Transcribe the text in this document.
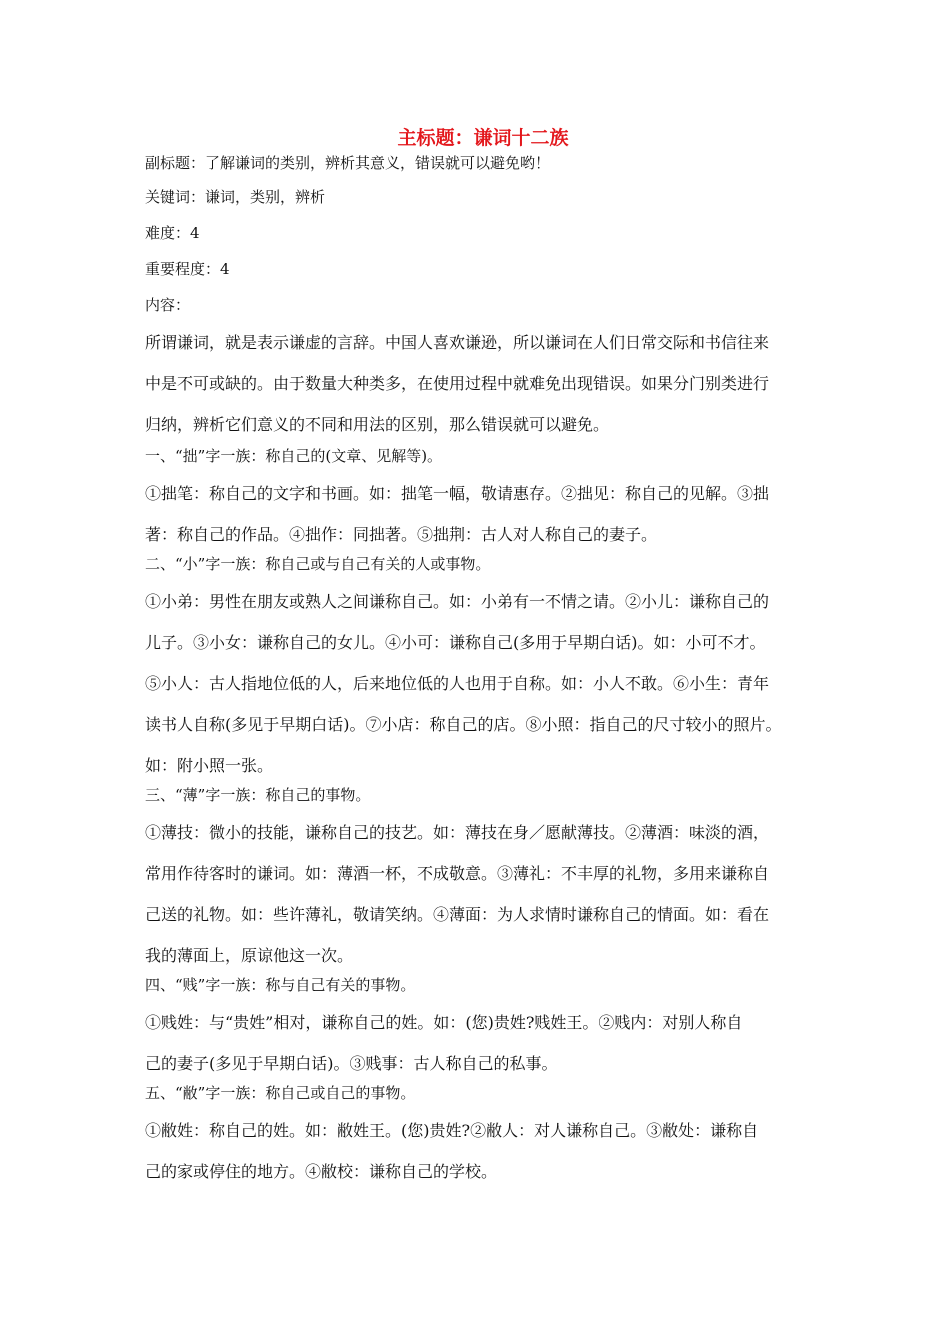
主标题：谦词十二族
副标题：了解谦词的类别，辨析其意义，错误就可以避免哟！
关键词：谦词，类别，辨析
难度：4
重要程度：4
内容：
所谓谦词，就是表示谦虚的言辞。中国人喜欢谦逊，所以谦词在人们日常交际和书信往来
中是不可或缺的。由于数量大种类多，在使用过程中就难免出现错误。如果分门别类进行
归纳，辨析它们意义的不同和用法的区别，那么错误就可以避免。
一、“拙”字一族：称自己的(文章、见解等)。
①拙笔：称自己的文字和书画。如：拙笔一幅，敬请惠存。②拙见：称自己的见解。③拙
著：称自己的作品。④拙作：同拙著。⑤拙荆：古人对人称自己的妻子。
二、“小”字一族：称自己或与自己有关的人或事物。
①小弟：男性在朋友或熟人之间谦称自己。如：小弟有一不情之请。②小儿：谦称自己的
儿子。③小女：谦称自己的女儿。④小可：谦称自己(多用于早期白话)。如：小可不才。
⑤小人：古人指地位低的人，后来地位低的人也用于自称。如：小人不敢。⑥小生：青年
读书人自称(多见于早期白话)。⑦小店：称自己的店。⑧小照：指自己的尺寸较小的照片。
如：附小照一张。
三、“薄”字一族：称自己的事物。
①薄技：微小的技能，谦称自己的技艺。如：薄技在身／愿献薄技。②薄酒：味淡的酒，
常用作待客时的谦词。如：薄酒一杯，不成敬意。③薄礼：不丰厚的礼物，多用来谦称自
己送的礼物。如：些许薄礼，敬请笑纳。④薄面：为人求情时谦称自己的情面。如：看在
我的薄面上，原谅他这一次。
四、“贱”字一族：称与自己有关的事物。
①贱姓：与“贵姓”相对，谦称自己的姓。如：(您)贵姓?贱姓王。②贱内：对别人称自
己的妻子(多见于早期白话)。③贱事：古人称自己的私事。
五、“敝”字一族：称自己或自己的事物。
①敝姓：称自己的姓。如：敝姓王。(您)贵姓?②敝人：对人谦称自己。③敝处：谦称自
己的家或停住的地方。④敝校：谦称自己的学校。
